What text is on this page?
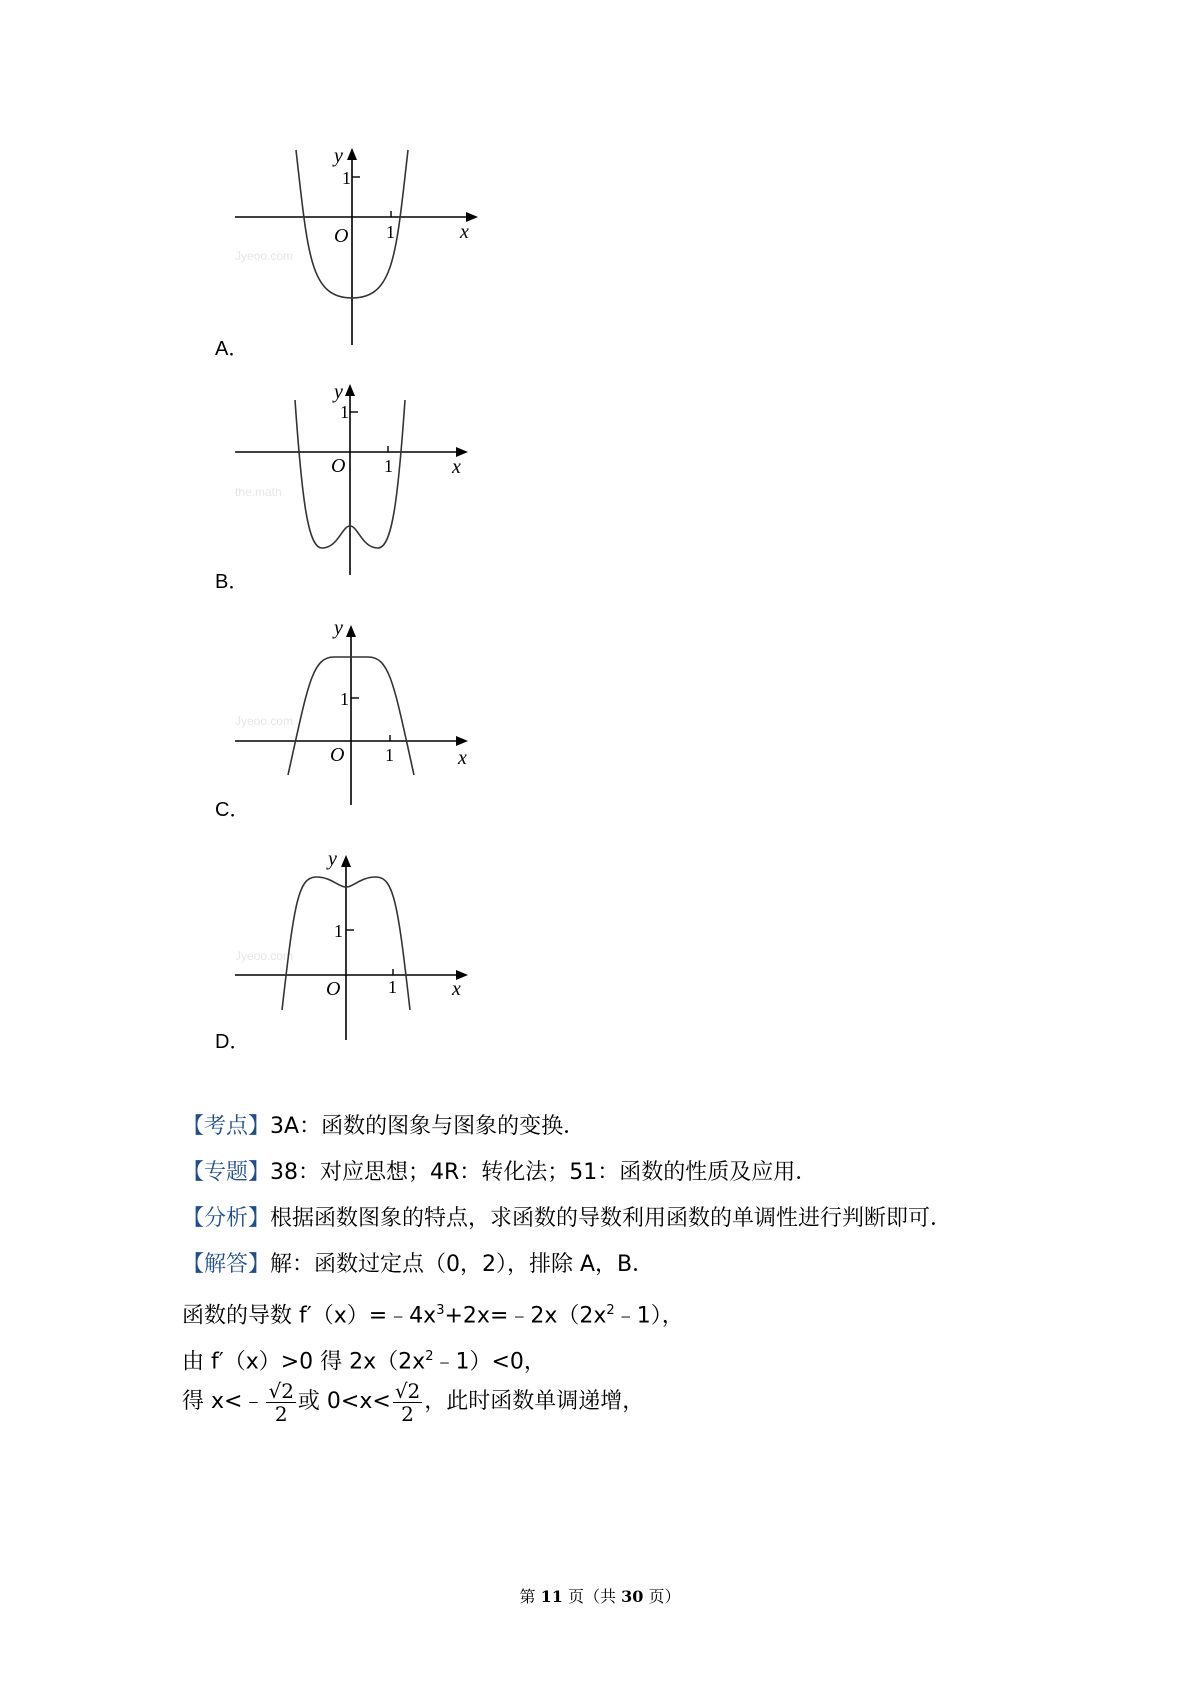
Jyeoo.com
y
x
O
1
1
A．
the.math
y
x
O
1
1
B．
Jyeoo.com
y
x
O
1
1
C．
Jyeoo.com
y
x
O
1
1
D．
【考点】3A：函数的图象与图象的变换．
【专题】38：对应思想；4R：转化法；51：函数的性质及应用．
【分析】根据函数图象的特点，求函数的导数利用函数的单调性进行判断即可．
【解答】解：函数过定点（0，2），排除 A，B．
函数的导数 $f'(x)=﹣4x^3+2x=﹣2x(2x^2﹣1)$，
由 f′（x）>0 得 $2x(2x^2﹣1)<0$，
得 x<﹣ $\frac{√2}{2}$ 或 $0<x< \frac{√2}{2}$ ，此时函数单调递增，
第 11 页（共 30 页）
